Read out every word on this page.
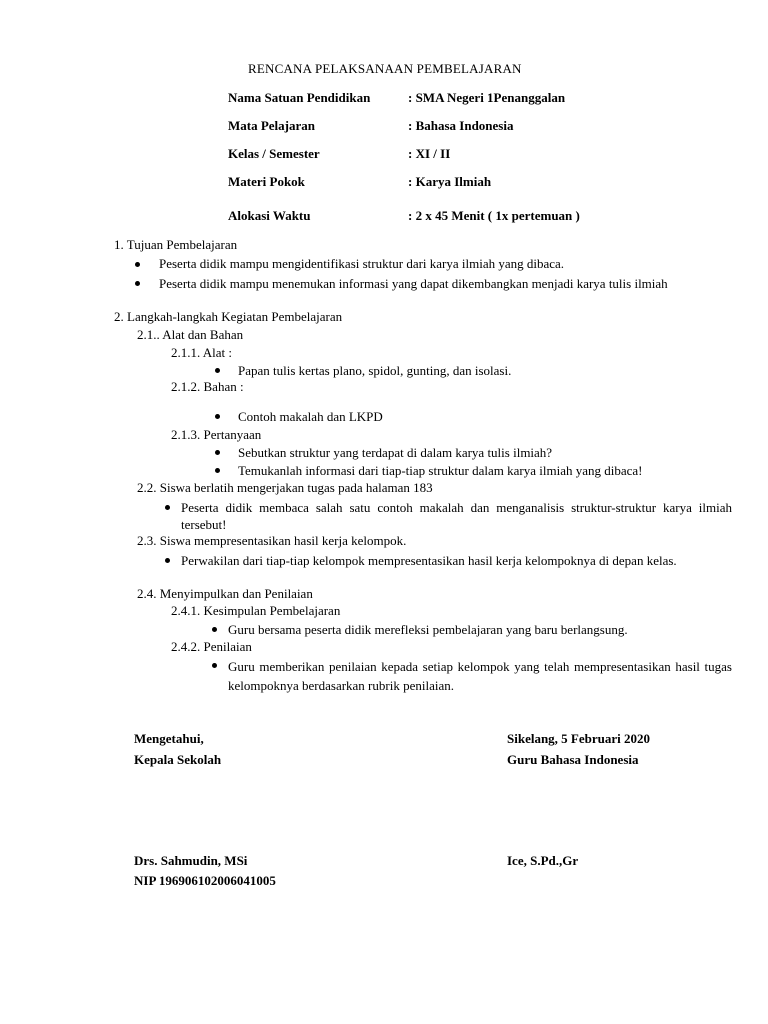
RENCANA PELAKSANAAN PEMBELAJARAN
Nama Satuan Pendidikan	: SMA Negeri 1Penanggalan
Mata Pelajaran	: Bahasa Indonesia
Kelas / Semester	: XI / II
Materi Pokok	: Karya Ilmiah
Alokasi Waktu	: 2 x 45 Menit ( 1x pertemuan )
1. Tujuan Pembelajaran
Peserta didik mampu mengidentifikasi struktur dari karya ilmiah yang dibaca.
Peserta didik mampu menemukan informasi yang dapat dikembangkan menjadi karya tulis ilmiah
2. Langkah-langkah Kegiatan Pembelajaran
2.1.. Alat dan Bahan
2.1.1. Alat :
Papan tulis kertas plano, spidol, gunting, dan isolasi.
2.1.2. Bahan :
Contoh makalah dan LKPD
2.1.3. Pertanyaan
Sebutkan struktur yang terdapat di dalam karya tulis ilmiah?
Temukanlah informasi dari tiap-tiap struktur dalam karya ilmiah yang dibaca!
2.2. Siswa berlatih mengerjakan tugas pada halaman 183
Peserta didik membaca salah satu contoh makalah dan menganalisis struktur-struktur karya ilmiah tersebut!
2.3. Siswa mempresentasikan hasil kerja kelompok.
Perwakilan dari tiap-tiap kelompok mempresentasikan hasil kerja kelompoknya di depan kelas.
2.4. Menyimpulkan dan Penilaian
2.4.1. Kesimpulan Pembelajaran
Guru bersama peserta didik merefleksi pembelajaran yang baru berlangsung.
2.4.2. Penilaian
Guru memberikan penilaian kepada setiap kelompok yang telah mempresentasikan hasil tugas kelompoknya berdasarkan rubrik penilaian.
Mengetahui,
Kepala Sekolah
Drs. Sahmudin, MSi
NIP 196906102006041005
Sikelang, 5 Februari 2020
Guru Bahasa Indonesia
Ice, S.Pd.,Gr
